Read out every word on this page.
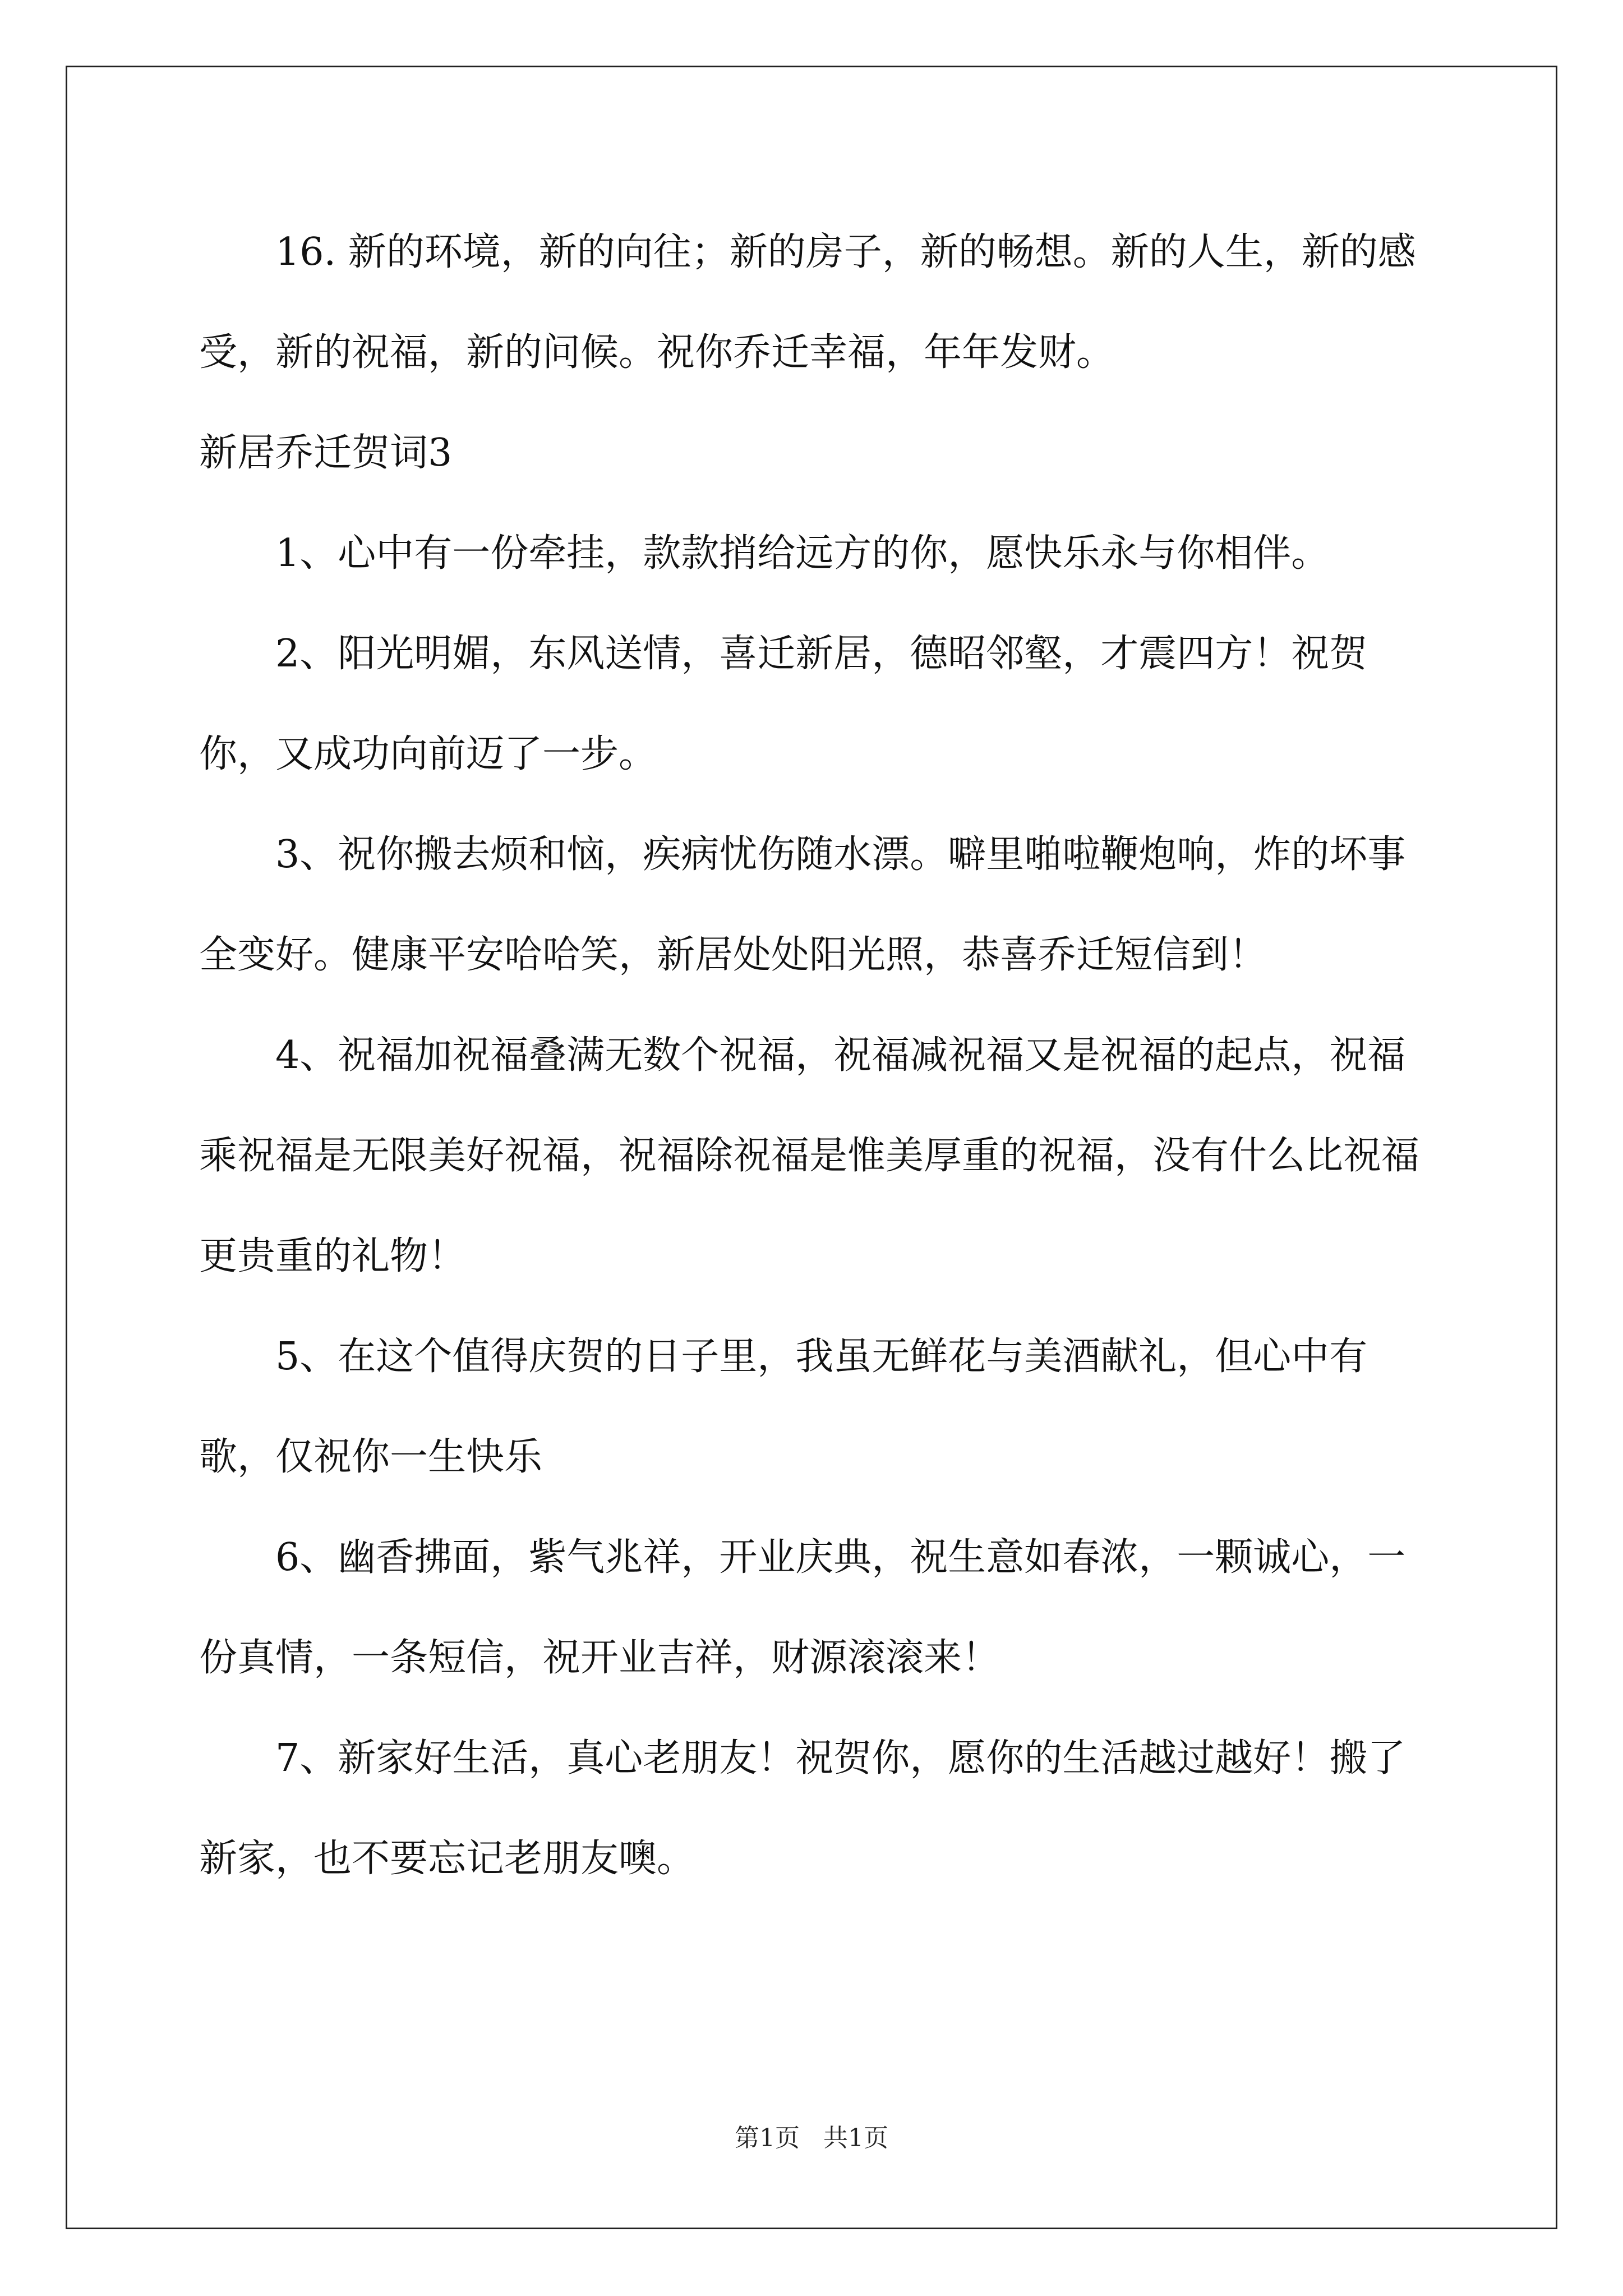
16. 新的环境，新的向往；新的房子，新的畅想。新的人生，新的感受，新的祝福，新的问候。祝你乔迁幸福，年年发财。

新居乔迁贺词3

1、心中有一份牵挂，款款捎给远方的你，愿快乐永与你相伴。

2、阳光明媚，东风送情，喜迁新居，德昭邻壑，才震四方！祝贺你，又成功向前迈了一步。

3、祝你搬去烦和恼，疾病忧伤随水漂。噼里啪啦鞭炮响，炸的坏事全变好。健康平安哈哈笑，新居处处阳光照，恭喜乔迁短信到！

4、祝福加祝福叠满无数个祝福，祝福减祝福又是祝福的起点，祝福乘祝福是无限美好祝福，祝福除祝福是惟美厚重的祝福，没有什么比祝福更贵重的礼物！

5、在这个值得庆贺的日子里，我虽无鲜花与美酒献礼，但心中有歌，仅祝你一生快乐

6、幽香拂面，紫气兆祥，开业庆典，祝生意如春浓，一颗诚心，一份真情，一条短信，祝开业吉祥，财源滚滚来！

7、新家好生活，真心老朋友！祝贺你，愿你的生活越过越好！搬了新家，也不要忘记老朋友噢。

第1页   共1页
